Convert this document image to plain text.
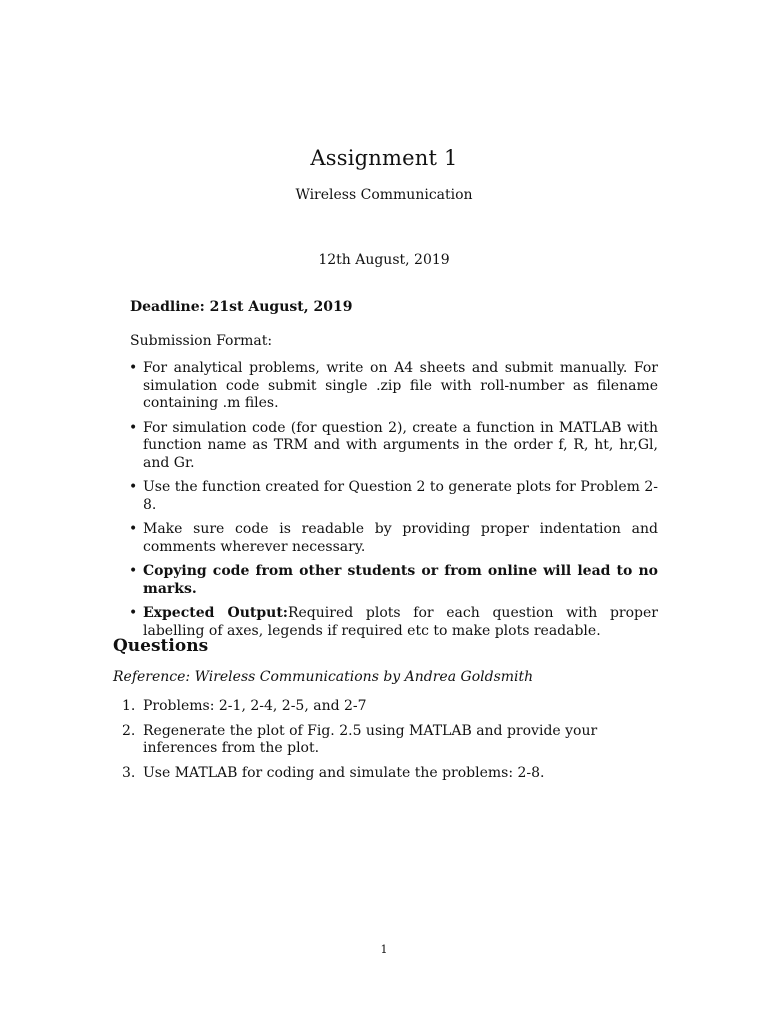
Assignment 1
Wireless Communication
12th August, 2019
Deadline: 21st August, 2019
Submission Format:
• For analytical problems, write on A4 sheets and submit manually. For simulation code submit single .zip file with roll-number as filename containing .m files.
• For simulation code (for question 2), create a function in MATLAB with function name as TRM and with arguments in the order f, R, ht, hr,Gl, and Gr.
• Use the function created for Question 2 to generate plots for Problem 2-8.
• Make sure code is readable by providing proper indentation and comments wherever necessary.
• Copying code from other students or from online will lead to no marks.
• Expected Output:Required plots for each question with proper labelling of axes, legends if required etc to make plots readable.
Questions
Reference: Wireless Communications by Andrea Goldsmith
1. Problems: 2-1, 2-4, 2-5, and 2-7
2. Regenerate the plot of Fig. 2.5 using MATLAB and provide your inferences from the plot.
3. Use MATLAB for coding and simulate the problems: 2-8.
1
